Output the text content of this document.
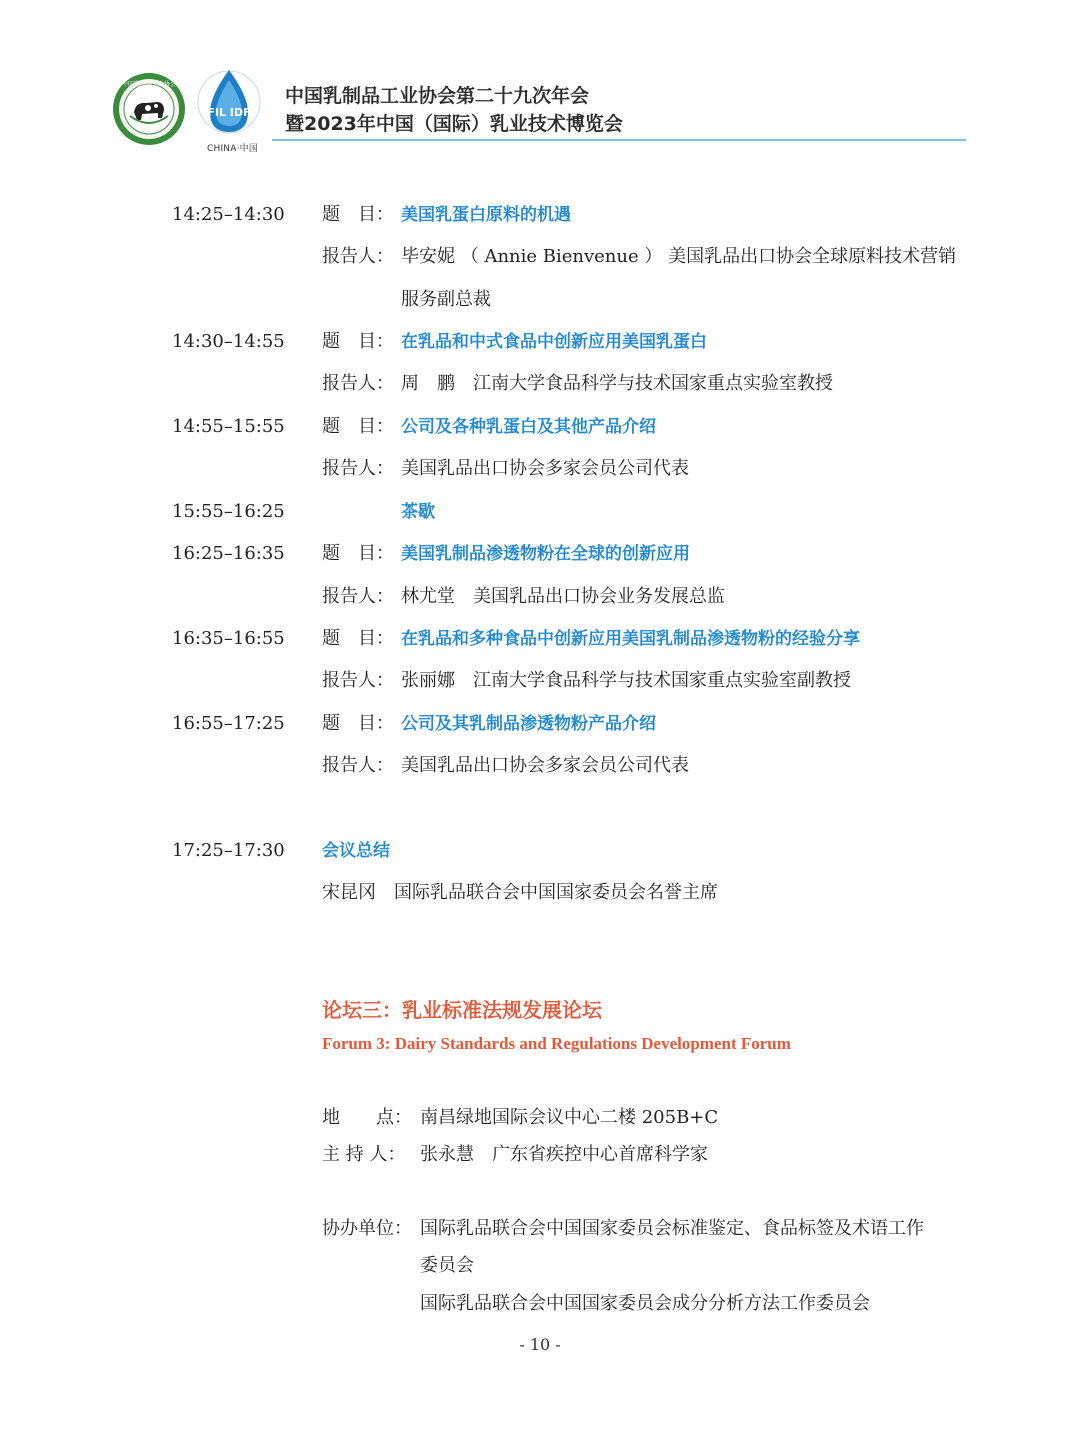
中国乳制品工业协会
FIL IDF
CHINA·中国
中国乳制品工业协会第二十九次年会
暨2023年中国（国际）乳业技术博览会
14:25–14:30 题　目： 美国乳蛋白原料的机遇
报告人： 毕安妮 （ Annie Bienvenue ） 美国乳品出口协会全球原料技术营销
服务副总裁
14:30–14:55 题　目： 在乳品和中式食品中创新应用美国乳蛋白
报告人： 周　鹏　江南大学食品科学与技术国家重点实验室教授
14:55–15:55 题　目： 公司及各种乳蛋白及其他产品介绍
报告人： 美国乳品出口协会多家会员公司代表
15:55–16:25	茶歇
16:25–16:35 题　目： 美国乳制品渗透物粉在全球的创新应用
报告人： 林尤堂　美国乳品出口协会业务发展总监
16:35–16:55 题　目： 在乳品和多种食品中创新应用美国乳制品渗透物粉的经验分享
报告人： 张丽娜　江南大学食品科学与技术国家重点实验室副教授
16:55–17:25 题　目： 公司及其乳制品渗透物粉产品介绍
报告人： 美国乳品出口协会多家会员公司代表
17:25–17:30 会议总结
宋昆冈　国际乳品联合会中国国家委员会名誉主席
论坛三：乳业标准法规发展论坛
Forum 3: Dairy Standards and Regulations Development Forum
地　　点： 南昌绿地国际会议中心二楼 205B+C
主 持 人： 张永慧　广东省疾控中心首席科学家
协办单位： 国际乳品联合会中国国家委员会标准鉴定、食品标签及术语工作
委员会
国际乳品联合会中国国家委员会成分分析方法工作委员会
- 10 -
